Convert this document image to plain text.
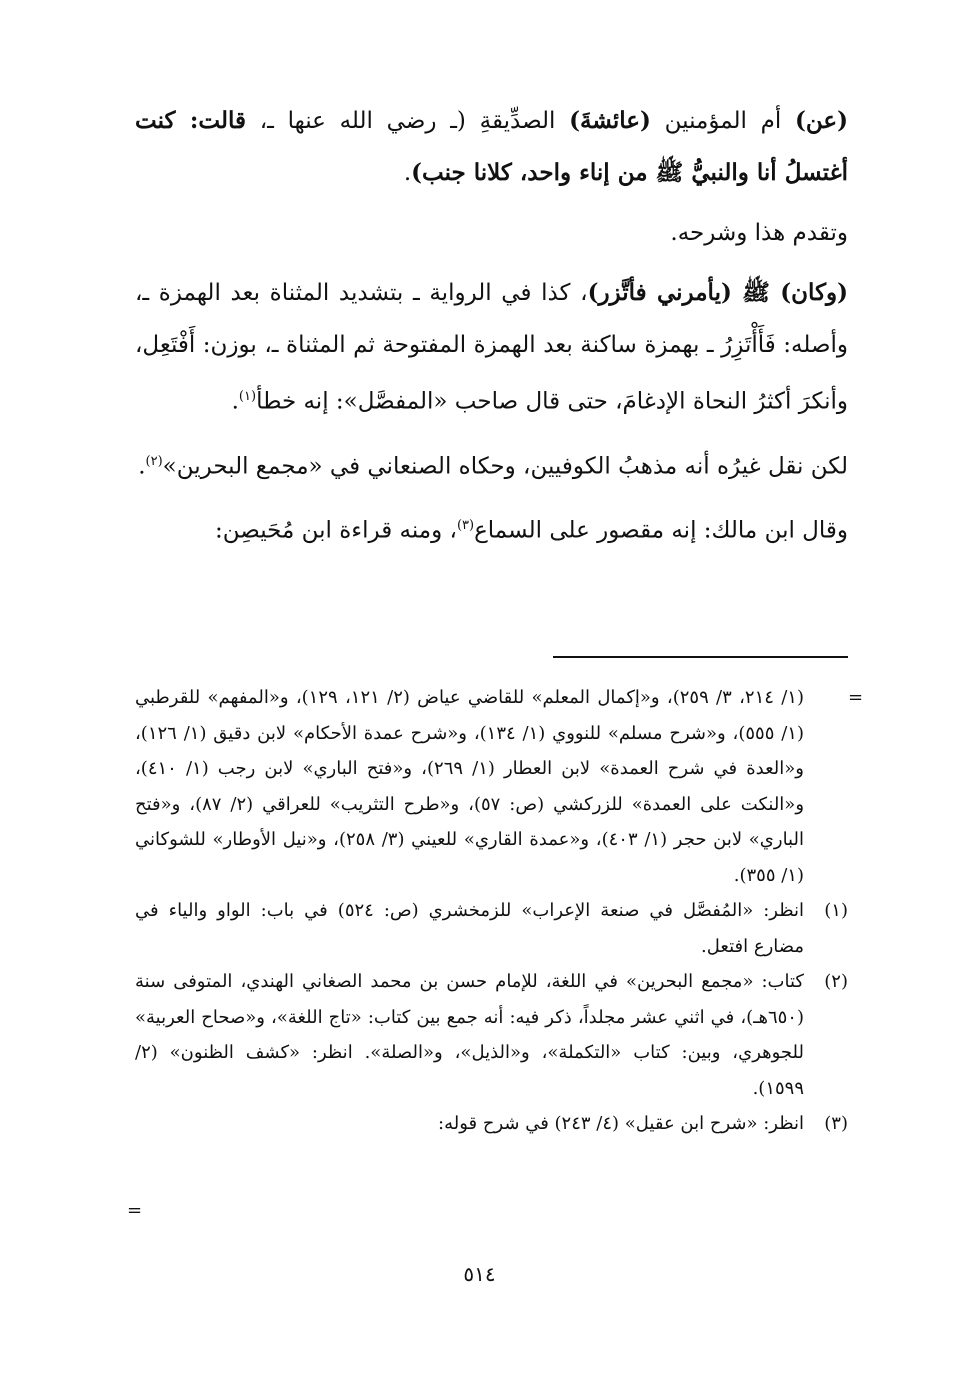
(عن) أم المؤمنين (عائشةَ) الصدِّيقةِ (ـ رضي الله عنها ـ، قالت: كنت أغتسلُ أنا والنبيُّ ﷺ من إناء واحد، كلانا جنب).

وتقدم هذا وشرحه.

(وكان) ﷺ (يأمرني فأتَّزر)، كذا في الرواية ـ بتشديد المثناة بعد الهمزة ـ، وأصله: فَأَأْتَزِرُ ـ بهمزة ساكنة بعد الهمزة المفتوحة ثم المثناة ـ، بوزن: أَفْتَعِل، وأنكرَ أكثرُ النحاة الإدغامَ، حتى قال صاحب «المفصَّل»: إنه خطأ$^{(١)}$.

لكن نقل غيرُه أنه مذهبُ الكوفيين، وحكاه الصنعاني في «مجمع البحرين»$^{(٢)}$.

وقال ابن مالك: إنه مقصور على السماع$^{(٣)}$، ومنه قراءة ابن مُحَيصِن:

=

(١/ ٢١٤، ٣/ ٢٥٩)، و«إكمال المعلم» للقاضي عياض (٢/ ١٢١، ١٢٩)، و«المفهم» للقرطبي (١/ ٥٥٥)، و«شرح مسلم» للنووي (١/ ١٣٤)، و«شرح عمدة الأحكام» لابن دقيق (١/ ١٢٦)، و«العدة في شرح العمدة» لابن العطار (١/ ٢٦٩)، و«فتح الباري» لابن رجب (١/ ٤١٠)، و«النكت على العمدة» للزركشي (ص: ٥٧)، و«طرح التثريب» للعراقي (٢/ ٨٧)، و«فتح الباري» لابن حجر (١/ ٤٠٣)، و«عمدة القاري» للعيني (٣/ ٢٥٨)، و«نيل الأوطار» للشوكاني (١/ ٣٥٥).

(١)
انظر: «المُفصَّل في صنعة الإعراب» للزمخشري (ص: ٥٢٤) في باب: الواو والياء في مضارع افتعل.

(٢)
كتاب: «مجمع البحرين» في اللغة، للإمام حسن بن محمد الصغاني الهندي، المتوفى سنة (٦٥٠هـ)، في اثني عشر مجلداً، ذكر فيه: أنه جمع بين كتاب: «تاج اللغة»، و«صحاح العربية» للجوهري، وبين: كتاب «التكملة»، و«الذيل»، و«الصلة». انظر: «كشف الظنون» (٢/ ١٥٩٩).

(٣)
انظر: «شرح ابن عقيل» (٤/ ٢٤٣) في شرح قوله:

=
٥١٤
